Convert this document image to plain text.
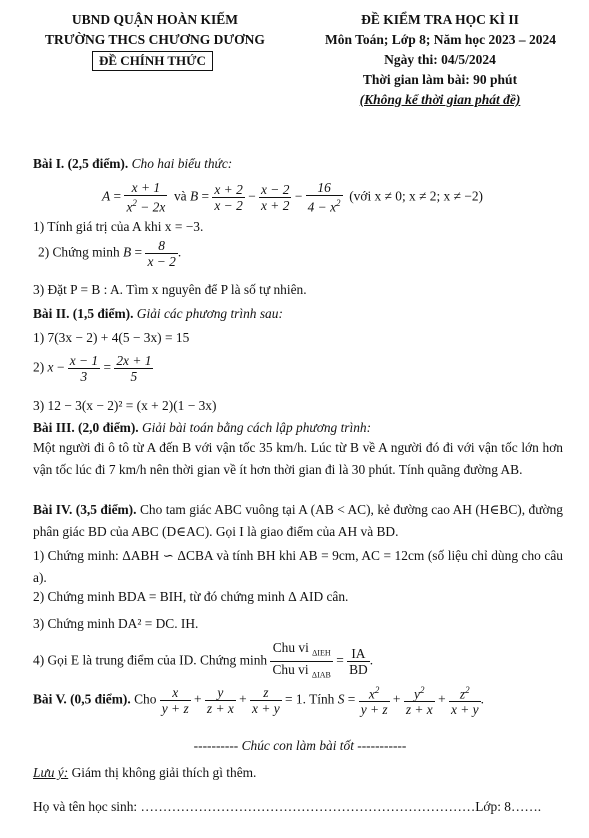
UBND QUẬN HOÀN KIẾM
TRƯỜNG THCS CHƯƠNG DƯƠNG
ĐỀ CHÍNH THỨC
ĐỀ KIỂM TRA HỌC KÌ II
Môn Toán; Lớp 8; Năm học 2023 – 2024
Ngày thi: 04/5/2024
Thời gian làm bài: 90 phút
(Không kể thời gian phát đề)
Bài I. (2,5 điểm). Cho hai biểu thức:
$A = \frac{x + 1}{x^2 - 2x}$ và $B = \frac{x + 2}{x - 2} - \frac{x - 2}{x + 2} - \frac{16}{4 - x^2}$ (với x ≠ 0; x ≠ 2; x ≠ −2)
1) Tính giá trị của A khi x = −3.
2) Chứng minh $B = \frac{8}{x - 2}$ .
3) Đặt P = B : A. Tìm x nguyên để P là số tự nhiên.
Bài II. (1,5 điểm). Giải các phương trình sau:
1) 7(3x − 2) + 4(5 − 3x) = 15
2) $x - \frac{x - 1}{3} = \frac{2x + 1}{5}$
3) 12 − 3(x − 2)² = (x + 2)(1 − 3x)
Bài III. (2,0 điểm). Giải bài toán bằng cách lập phương trình:
Một người đi ô tô từ A đến B với vận tốc 35 km/h. Lúc từ B về A người đó đi với vận tốc lớn hơn vận tốc lúc đi 7 km/h nên thời gian về ít hơn thời gian đi là 30 phút. Tính quãng đường AB.
Bài IV. (3,5 điểm). Cho tam giác ABC vuông tại A (AB < AC), kẻ đường cao AH (H∈BC), đường phân giác BD của ABC (D∈AC). Gọi I là giao điểm của AH và BD.
1) Chứng minh: ΔABH ∽ ΔCBA và tính BH khi AB = 9cm, AC = 12cm (số liệu chỉ dùng cho câu a).
2) Chứng minh BDA = BIH, từ đó chứng minh Δ AID cân.
3) Chứng minh DA² = DC. IH.
4) Gọi E là trung điểm của ID. Chứng minh $\frac{Chu vi _{\Delta IEH}}{Chu vi _{\Delta IAB}} = \frac{IA}{BD}$ .
Bài V. (0,5 điểm). Cho $\frac{x}{y + z} + \frac{y}{z + x} + \frac{z}{x + y} = 1$. Tính $S = \frac{x^2}{y + z} + \frac{y^2}{z + x} + \frac{z^2}{x + y}$ .
---------- Chúc con làm bài tốt -----------
Lưu ý: Giám thị không giải thích gì thêm.
Họ và tên học sinh: …………………………………………………………………Lớp: 8…….
